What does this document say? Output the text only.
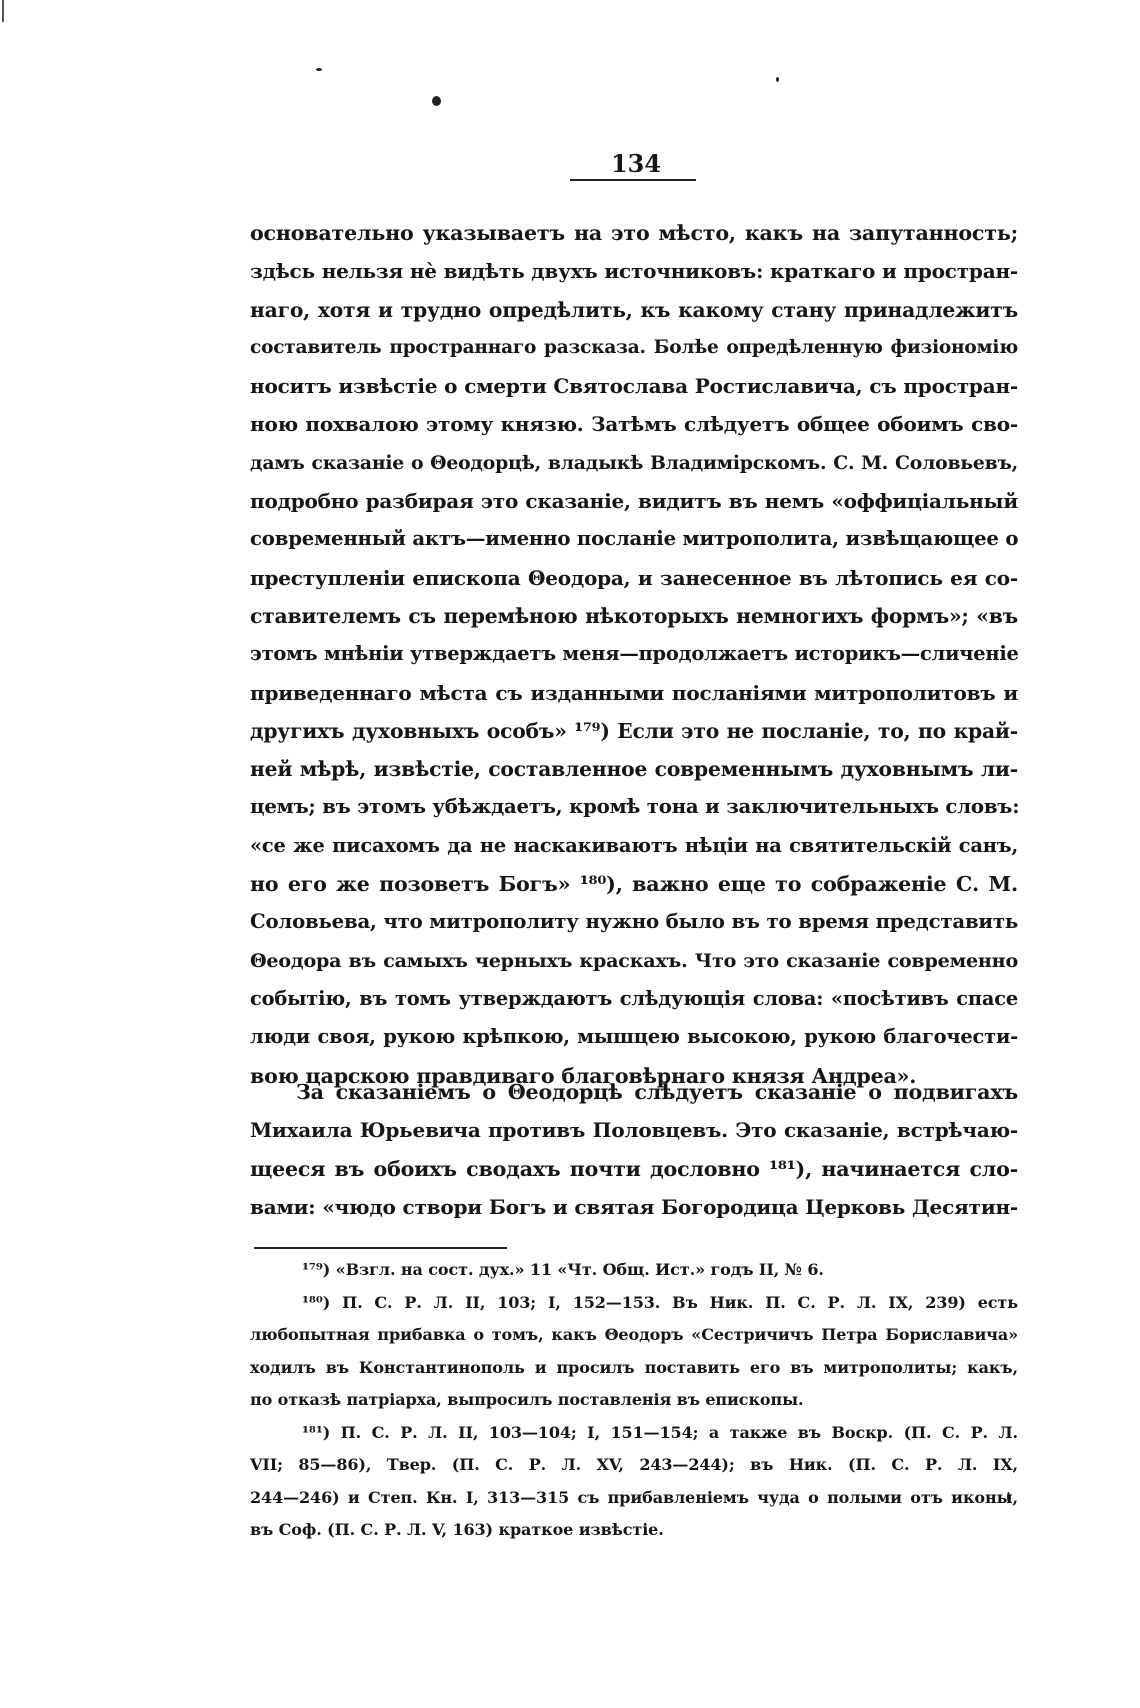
134
основательно указываетъ на это мѣсто, какъ на запутанность;
здѣсь нельзя нѐ видѣть двухъ источниковъ: краткаго и простран-
наго, хотя и трудно опредѣлить, къ какому стану принадлежитъ
составитель пространнаго разсказа. Болѣе опредѣленную физіономію
носитъ извѣстіе о смерти Святослава Ростиславича, съ простран-
ною похвалою этому князю. Затѣмъ слѣдуетъ общее обоимъ сво-
дамъ сказаніе о Θеодорцѣ, владыкѣ Владимірскомъ. С. М. Соловьевъ,
подробно разбирая это сказаніе, видитъ въ немъ «оффиціальный
современный актъ—именно посланіе митрополита, извѣщающее о
преступленіи епископа Θеодора, и занесенное въ лѣтопись ея со-
ставителемъ съ перемѣною нѣкоторыхъ немногихъ формъ»; «въ
этомъ мнѣніи утверждаетъ меня—продолжаетъ историкъ—сличеніе
приведеннаго мѣста съ изданными посланіями митрополитовъ и
другихъ духовныхъ особъ» ¹⁷⁹) Если это не посланіе, то, по край-
ней мѣрѣ, извѣстіе, составленное современнымъ духовнымъ ли-
цемъ; въ этомъ убѣждаетъ, кромѣ тона и заключительныхъ словъ:
«се же писахомъ да не наскакиваютъ нѣціи на святительскій санъ,
но его же позоветъ Богъ» ¹⁸⁰), важно еще то сображеніе С. М.
Соловьева, что митрополиту нужно было въ то время представить
Θеодора въ самыхъ черныхъ краскахъ. Что это сказаніе современно
событію, въ томъ утверждаютъ слѣдующія слова: «посѣтивъ спасе
люди своя, рукою крѣпкою, мышцею высокою, рукою благочести-
вою царскою правдиваго благовѣрнаго князя Андреа».
За сказаніемъ о Θеодорцѣ слѣдуетъ сказаніе о подвигахъ
Михаила Юрьевича противъ Половцевъ. Это сказаніе, встрѣчаю-
щееся въ обоихъ сводахъ почти дословно ¹⁸¹), начинается сло-
вами: «чюдо створи Богъ и святая Богородица Церковь Десятин-
¹⁷⁹) «Взгл. на сост. дух.» 11 «Чт. Общ. Ист.» годъ II, № 6.
¹⁸⁰) П. С. Р. Л. II, 103; I, 152—153. Въ Ник. П. С. Р. Л. IX, 239) есть
любопытная прибавка о томъ, какъ Θеодоръ «Сестричичъ Петра Бориславича»
ходилъ въ Константинополь и просилъ поставить его въ митрополиты; какъ,
по отказѣ патріарха, выпросилъ поставленія въ епископы.
¹⁸¹) П. С. Р. Л. II, 103—104; I, 151—154; а также въ Воскр. (П. С. Р. Л.
VII; 85—86), Твер. (П. С. Р. Л. XV, 243—244); въ Ник. (П. С. Р. Л. IX,
244—246) и Степ. Кн. I, 313—315 съ прибавленіемъ чуда о полыми отъ иконы,
въ Соф. (П. С. Р. Л. V, 163) краткое извѣстіе.
